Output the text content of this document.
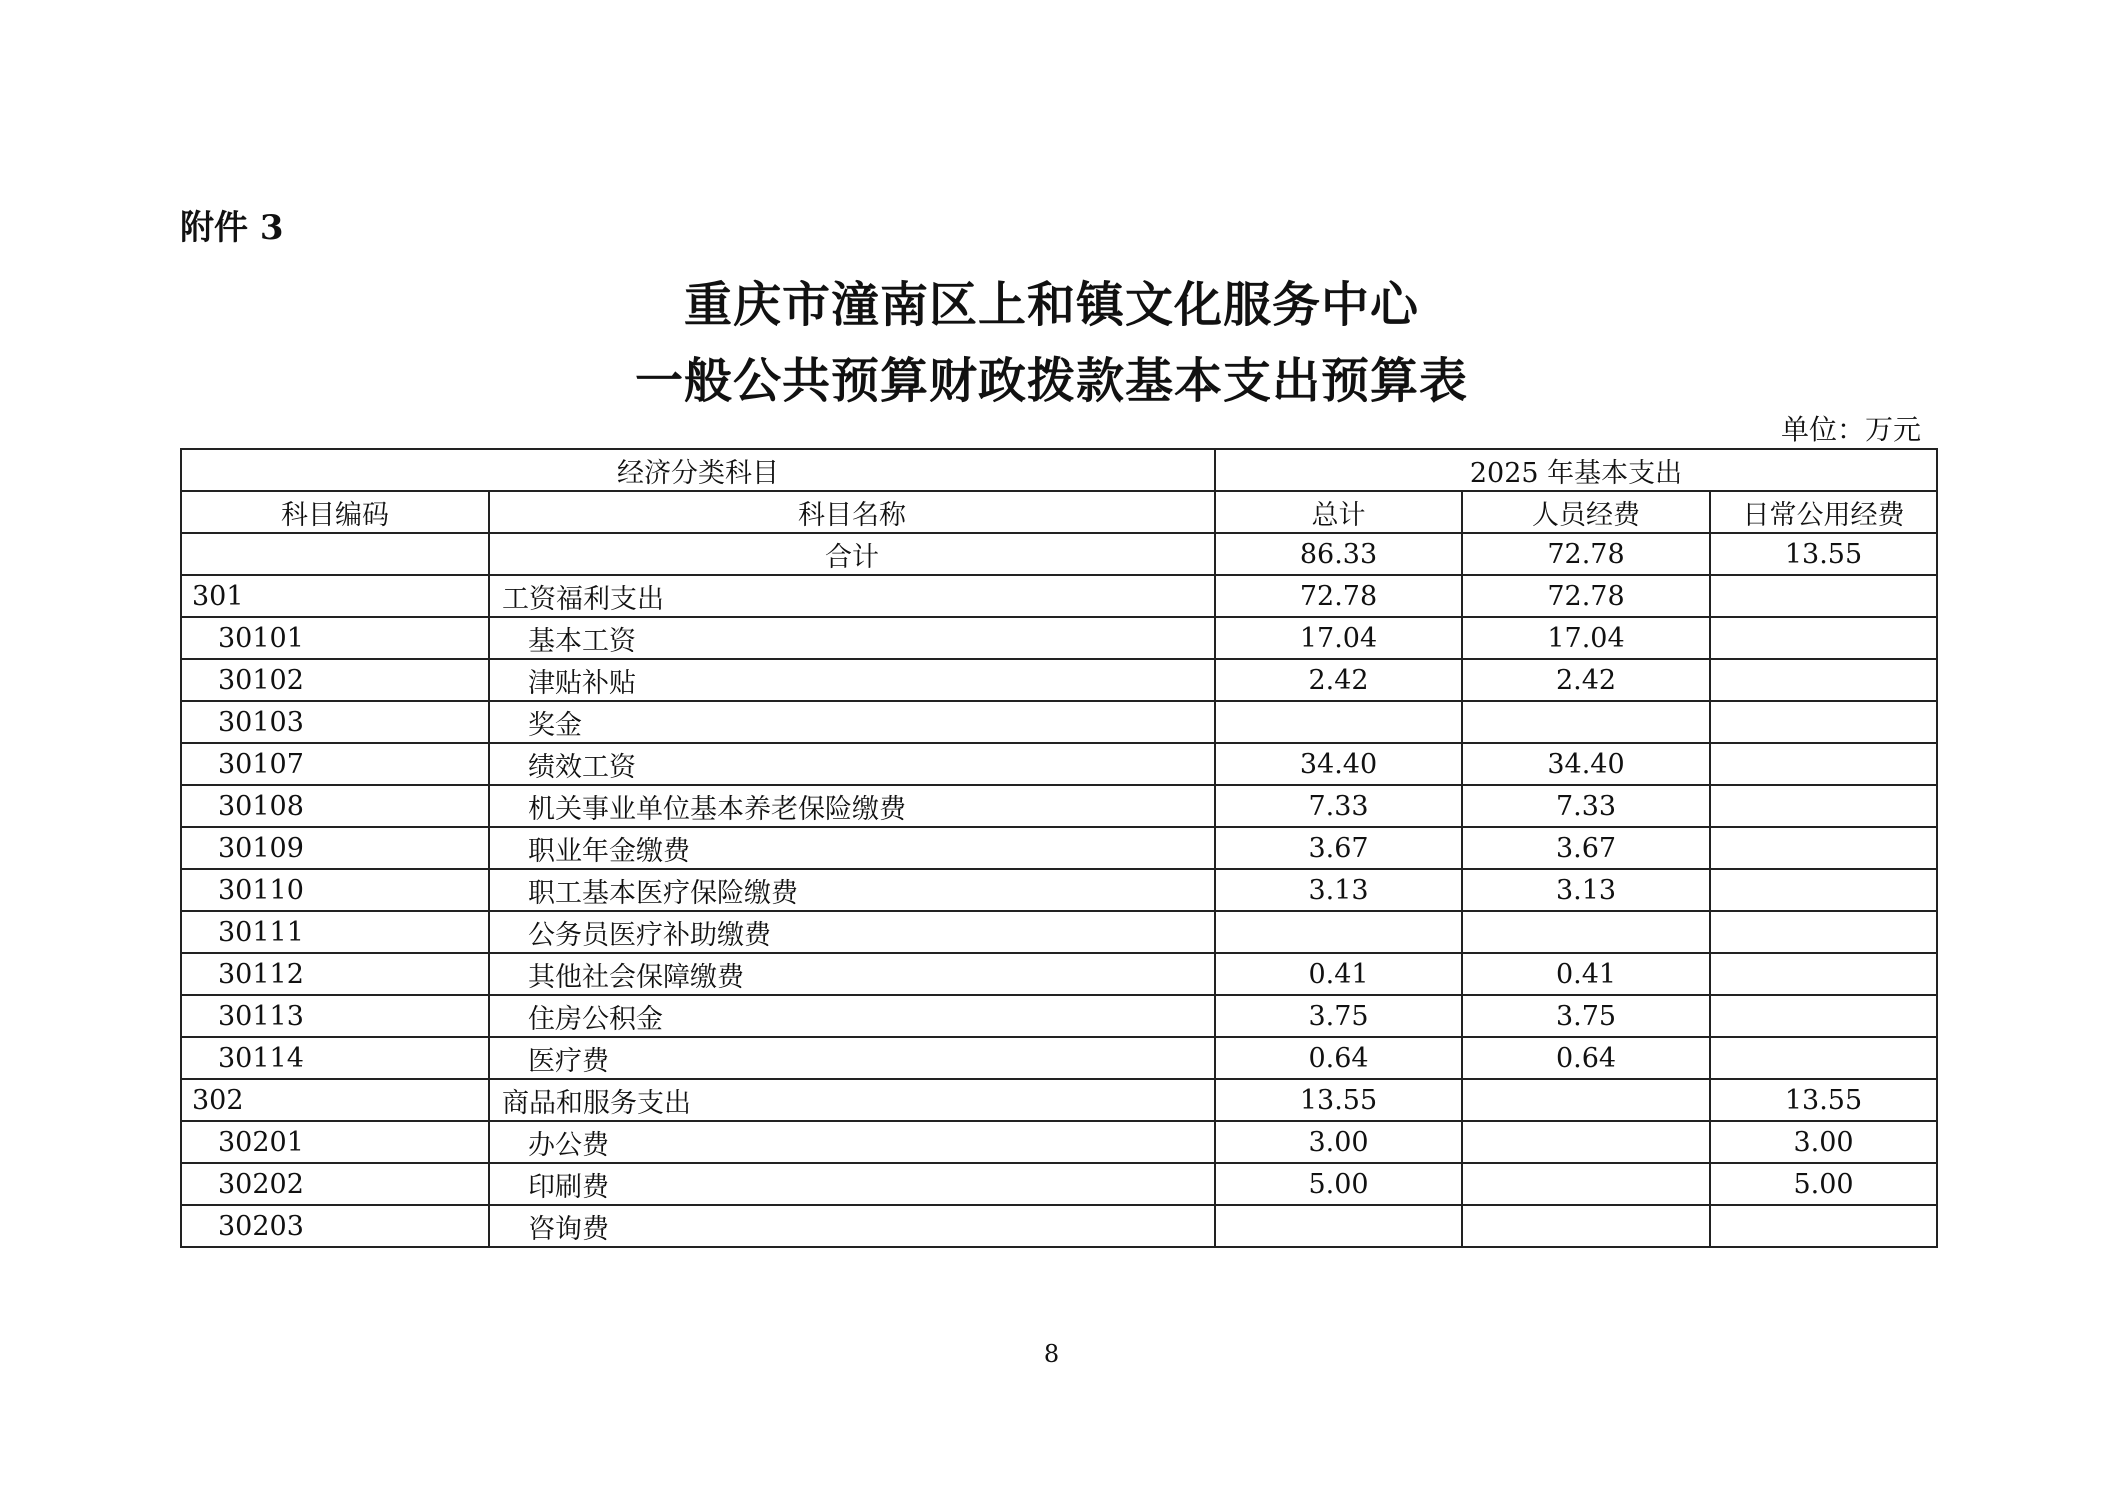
附件 3
重庆市潼南区上和镇文化服务中心
一般公共预算财政拨款基本支出预算表
单位：万元
经济分类科目		2025 年基本支出		
科目编码	科目名称	总计	人员经费	日常公用经费
	合计	86.33	72.78	13.55
301	工资福利支出	72.78	72.78	
30101	基本工资	17.04	17.04	
30102	津贴补贴	2.42	2.42	
30103	奖金			
30107	绩效工资	34.40	34.40	
30108	机关事业单位基本养老保险缴费	7.33	7.33	
30109	职业年金缴费	3.67	3.67	
30110	职工基本医疗保险缴费	3.13	3.13	
30111	公务员医疗补助缴费			
30112	其他社会保障缴费	0.41	0.41	
30113	住房公积金	3.75	3.75	
30114	医疗费	0.64	0.64	
302	商品和服务支出	13.55		13.55
30201	办公费	3.00		3.00
30202	印刷费	5.00		5.00
30203	咨询费			
8
